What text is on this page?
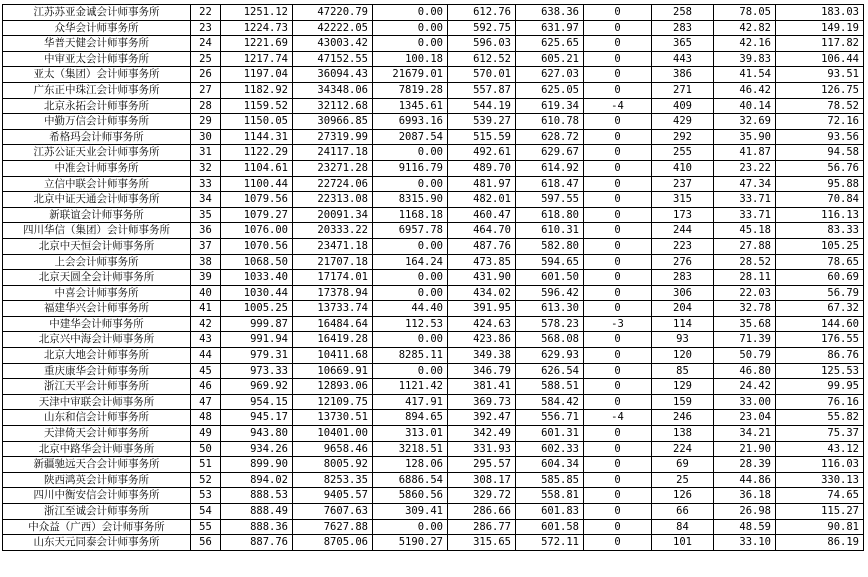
江苏苏亚金诚会计师事务所	22	1251.12	47220.79	0.00	612.76	638.36	0	258	78.05	183.03
众华会计师事务所	23	1224.73	42222.05	0.00	592.75	631.97	0	283	42.82	149.19
华普天健会计师事务所	24	1221.69	43003.42	0.00	596.03	625.65	0	365	42.16	117.82
中审亚太会计师事务所	25	1217.74	47152.55	100.18	612.52	605.21	0	443	39.83	106.44
亚太（集团）会计师事务所	26	1197.04	36094.43	21679.01	570.01	627.03	0	386	41.54	93.51
广东正中珠江会计师事务所	27	1182.92	34348.06	7819.28	557.87	625.05	0	271	46.42	126.75
北京永拓会计师事务所	28	1159.52	32112.68	1345.61	544.19	619.34	-4	409	40.14	78.52
中勤万信会计师事务所	29	1150.05	30966.85	6993.16	539.27	610.78	0	429	32.69	72.16
希格玛会计师事务所	30	1144.31	27319.99	2087.54	515.59	628.72	0	292	35.90	93.56
江苏公证天业会计师事务所	31	1122.29	24117.18	0.00	492.61	629.67	0	255	41.87	94.58
中准会计师事务所	32	1104.61	23271.28	9116.79	489.70	614.92	0	410	23.22	56.76
立信中联会计师事务所	33	1100.44	22724.06	0.00	481.97	618.47	0	237	47.34	95.88
北京中证天通会计师事务所	34	1079.56	22313.08	8315.90	482.01	597.55	0	315	33.71	70.84
新联谊会计师事务所	35	1079.27	20091.34	1168.18	460.47	618.80	0	173	33.71	116.13
四川华信（集团）会计师事务所	36	1076.00	20333.22	6957.78	464.70	610.31	0	244	45.18	83.33
北京中天恒会计师事务所	37	1070.56	23471.18	0.00	487.76	582.80	0	223	27.88	105.25
上会会计师事务所	38	1068.50	21707.18	164.24	473.85	594.65	0	276	28.52	78.65
北京天圆全会计师事务所	39	1033.40	17174.01	0.00	431.90	601.50	0	283	28.11	60.69
中喜会计师事务所	40	1030.44	17378.94	0.00	434.02	596.42	0	306	22.03	56.79
福建华兴会计师事务所	41	1005.25	13733.74	44.40	391.95	613.30	0	204	32.78	67.32
中建华会计师事务所	42	999.87	16484.64	112.53	424.63	578.23	-3	114	35.68	144.60
北京兴中海会计师事务所	43	991.94	16419.28	0.00	423.86	568.08	0	93	71.39	176.55
北京大地会计师事务所	44	979.31	10411.68	8285.11	349.38	629.93	0	120	50.79	86.76
重庆康华会计师事务所	45	973.33	10669.91	0.00	346.79	626.54	0	85	46.80	125.53
浙江天平会计师事务所	46	969.92	12893.06	1121.42	381.41	588.51	0	129	24.42	99.95
天津中审联会计师事务所	47	954.15	12109.75	417.91	369.73	584.42	0	159	33.00	76.16
山东和信会计师事务所	48	945.17	13730.51	894.65	392.47	556.71	-4	246	23.04	55.82
天津倚天会计师事务所	49	943.80	10401.00	313.01	342.49	601.31	0	138	34.21	75.37
北京中路华会计师事务所	50	934.26	9658.46	3218.51	331.93	602.33	0	224	21.90	43.12
新疆驰远天合会计师事务所	51	899.90	8005.92	128.06	295.57	604.34	0	69	28.39	116.03
陕西鸿英会计师事务所	52	894.02	8253.35	6886.54	308.17	585.85	0	25	44.86	330.13
四川中衡安信会计师事务所	53	888.53	9405.57	5860.56	329.72	558.81	0	126	36.18	74.65
浙江至诚会计师事务所	54	888.49	7607.63	309.41	286.66	601.83	0	66	26.98	115.27
中众益（广西）会计师事务所	55	888.36	7627.88	0.00	286.77	601.58	0	84	48.59	90.81
山东天元同泰会计师事务所	56	887.76	8705.06	5190.27	315.65	572.11	0	101	33.10	86.19
